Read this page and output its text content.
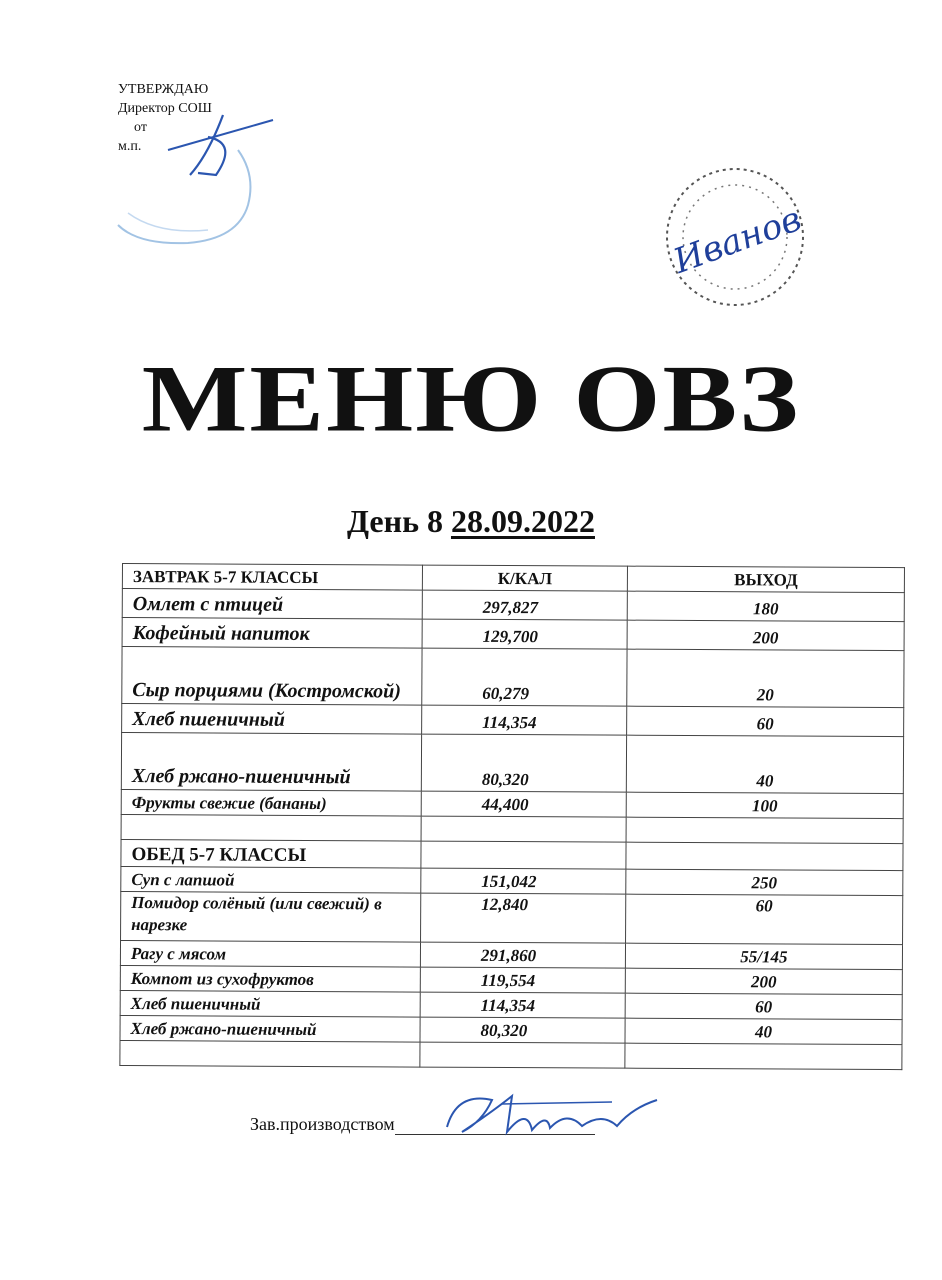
УТВЕРЖДАЮ
Директор СОШ
от
м.п.
Иванов
МЕНЮ ОВЗ
День 8 28.09.2022
ЗАВТРАК 5-7 КЛАССЫ	К/КАЛ	ВЫХОД
Омлет с птицей	297,827	180
Кофейный напиток	129,700	200
Сыр порциями (Костромской)	60,279	20
Хлеб пшеничный	114,354	60
Хлеб ржано-пшеничный	80,320	40
Фрукты свежие (бананы)	44,400	100

ОБЕД 5-7 КЛАССЫ		
Суп с лапшой	151,042	250
Помидор солёный (или свежий) в нарезке	12,840	60
Рагу с мясом	291,860	55/145
Компот из сухофруктов	119,554	200
Хлеб пшеничный	114,354	60
Хлеб ржано-пшеничный	80,320	40

Зав.производством
